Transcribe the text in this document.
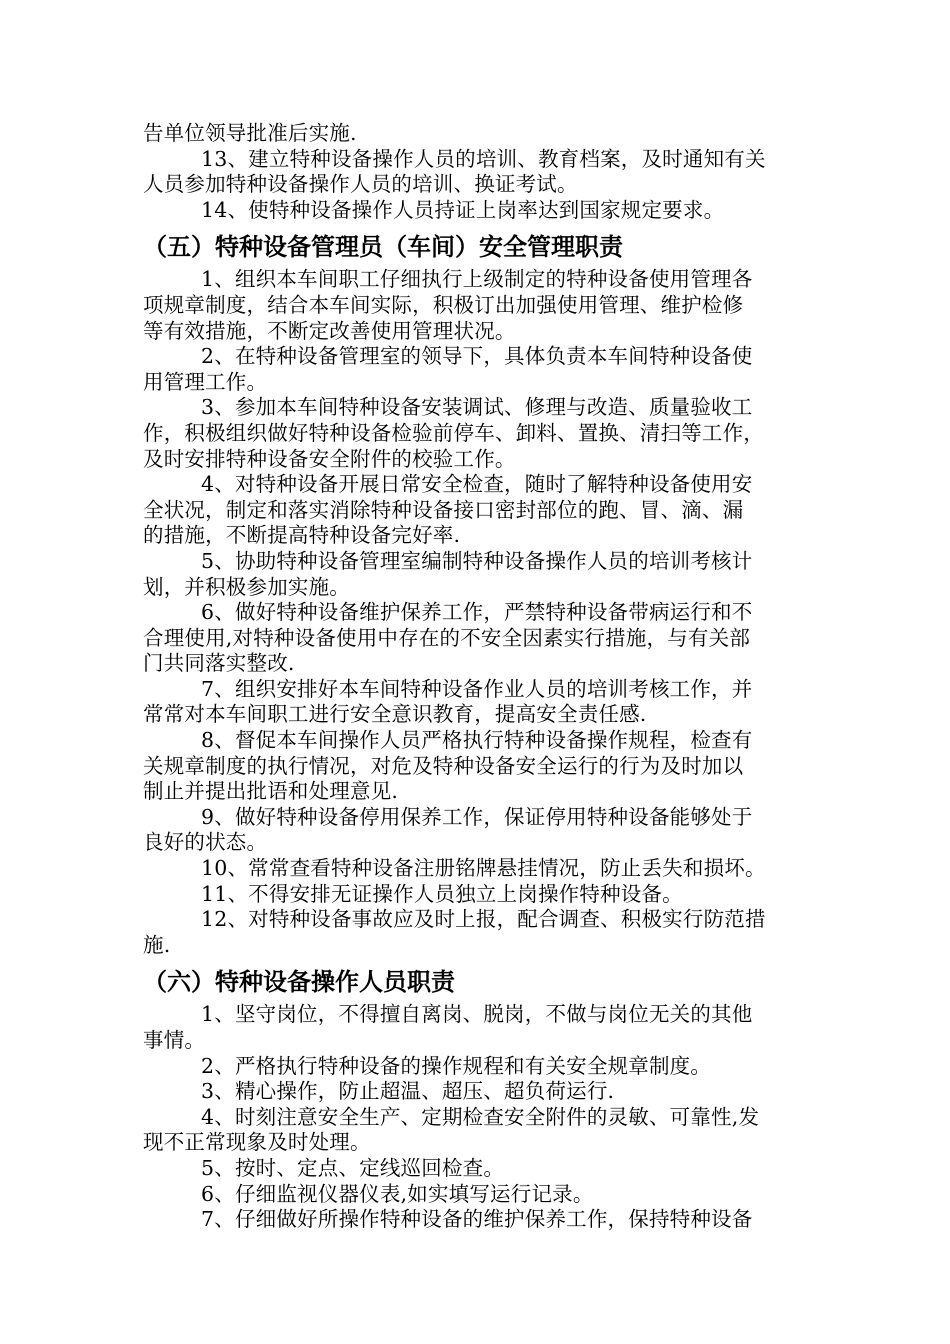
告单位领导批准后实施.
13、建立特种设备操作人员的培训、教育档案，及时通知有关
人员参加特种设备操作人员的培训、换证考试。
14、使特种设备操作人员持证上岗率达到国家规定要求。
（五）特种设备管理员（车间）安全管理职责
1、组织本车间职工仔细执行上级制定的特种设备使用管理各
项规章制度，结合本车间实际，积极订出加强使用管理、维护检修
等有效措施，不断定改善使用管理状况。
2、在特种设备管理室的领导下，具体负责本车间特种设备使
用管理工作。
3、参加本车间特种设备安装调试、修理与改造、质量验收工
作，积极组织做好特种设备检验前停车、卸料、置换、清扫等工作，
及时安排特种设备安全附件的校验工作。
4、对特种设备开展日常安全检查，随时了解特种设备使用安
全状况，制定和落实消除特种设备接口密封部位的跑、冒、滴、漏
的措施，不断提高特种设备完好率.
5、协助特种设备管理室编制特种设备操作人员的培训考核计
划，并积极参加实施。
6、做好特种设备维护保养工作，严禁特种设备带病运行和不
合理使用,对特种设备使用中存在的不安全因素实行措施，与有关部
门共同落实整改.
7、组织安排好本车间特种设备作业人员的培训考核工作，并
常常对本车间职工进行安全意识教育，提高安全责任感.
8、督促本车间操作人员严格执行特种设备操作规程，检查有
关规章制度的执行情况，对危及特种设备安全运行的行为及时加以
制止并提出批语和处理意见.
9、做好特种设备停用保养工作，保证停用特种设备能够处于
良好的状态。
10、常常查看特种设备注册铭牌悬挂情况，防止丢失和损坏。
11、不得安排无证操作人员独立上岗操作特种设备。
12、对特种设备事故应及时上报，配合调查、积极实行防范措
施.
（六）特种设备操作人员职责
1、坚守岗位，不得擅自离岗、脱岗，不做与岗位无关的其他
事情。
2、严格执行特种设备的操作规程和有关安全规章制度。
3、精心操作，防止超温、超压、超负荷运行.
4、时刻注意安全生产、定期检查安全附件的灵敏、可靠性,发
现不正常现象及时处理。
5、按时、定点、定线巡回检查。
6、仔细监视仪器仪表,如实填写运行记录。
7、仔细做好所操作特种设备的维护保养工作，保持特种设备
